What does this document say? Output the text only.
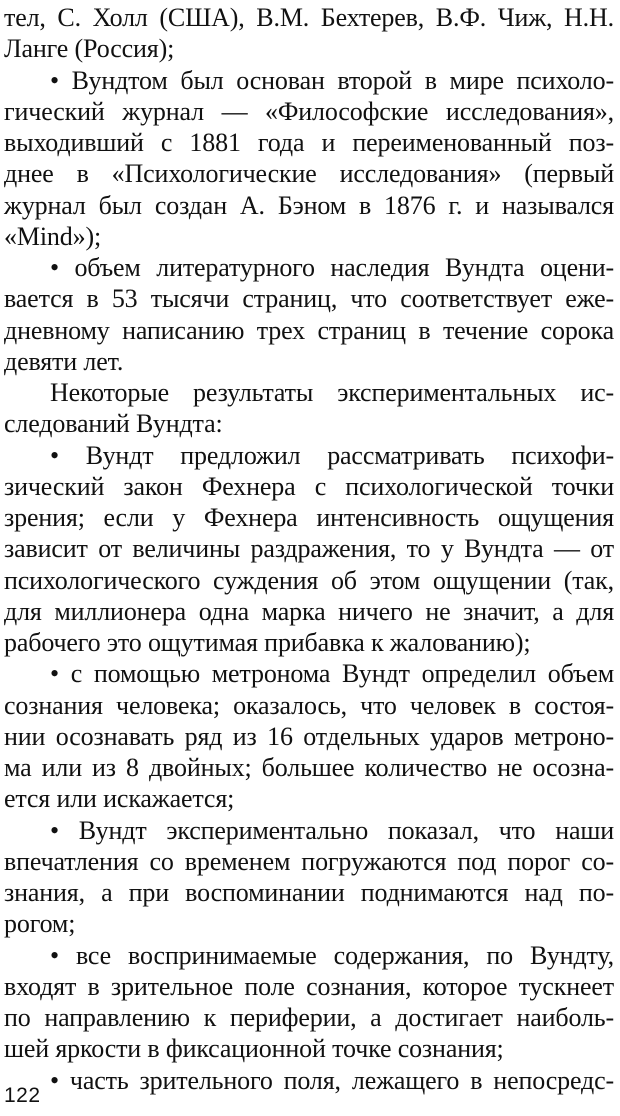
тел, С. Холл (США), В.М. Бехтерев, В.Ф. Чиж, Н.Н.
Ланге (Россия);
• Вундтом был основан второй в мире психоло-
гический журнал — «Философские исследования»,
выходивший с 1881 года и переименованный поз-
днее в «Психологические исследования» (первый
журнал был создан А. Бэном в 1876 г. и назывался
«Mind»);
• объем литературного наследия Вундта оцени-
вается в 53 тысячи страниц, что соответствует еже-
дневному написанию трех страниц в течение сорока
девяти лет.
Некоторые результаты экспериментальных ис-
следований Вундта:
• Вундт предложил рассматривать психофи-
зический закон Фехнера с психологической точки
зрения; если у Фехнера интенсивность ощущения
зависит от величины раздражения, то у Вундта — от
психологического суждения об этом ощущении (так,
для миллионера одна марка ничего не значит, а для
рабочего это ощутимая прибавка к жалованию);
• с помощью метронома Вундт определил объем
сознания человека; оказалось, что человек в состоя-
нии осознавать ряд из 16 отдельных ударов метроно-
ма или из 8 двойных; большее количество не осозна-
ется или искажается;
• Вундт экспериментально показал, что наши
впечатления со временем погружаются под порог со-
знания, а при воспоминании поднимаются над по-
рогом;
• все воспринимаемые содержания, по Вундту,
входят в зрительное поле сознания, которое тускнеет
по направлению к периферии, а достигает наиболь-
шей яркости в фиксационной точке сознания;
• часть зрительного поля, лежащего в непосредс-
122
